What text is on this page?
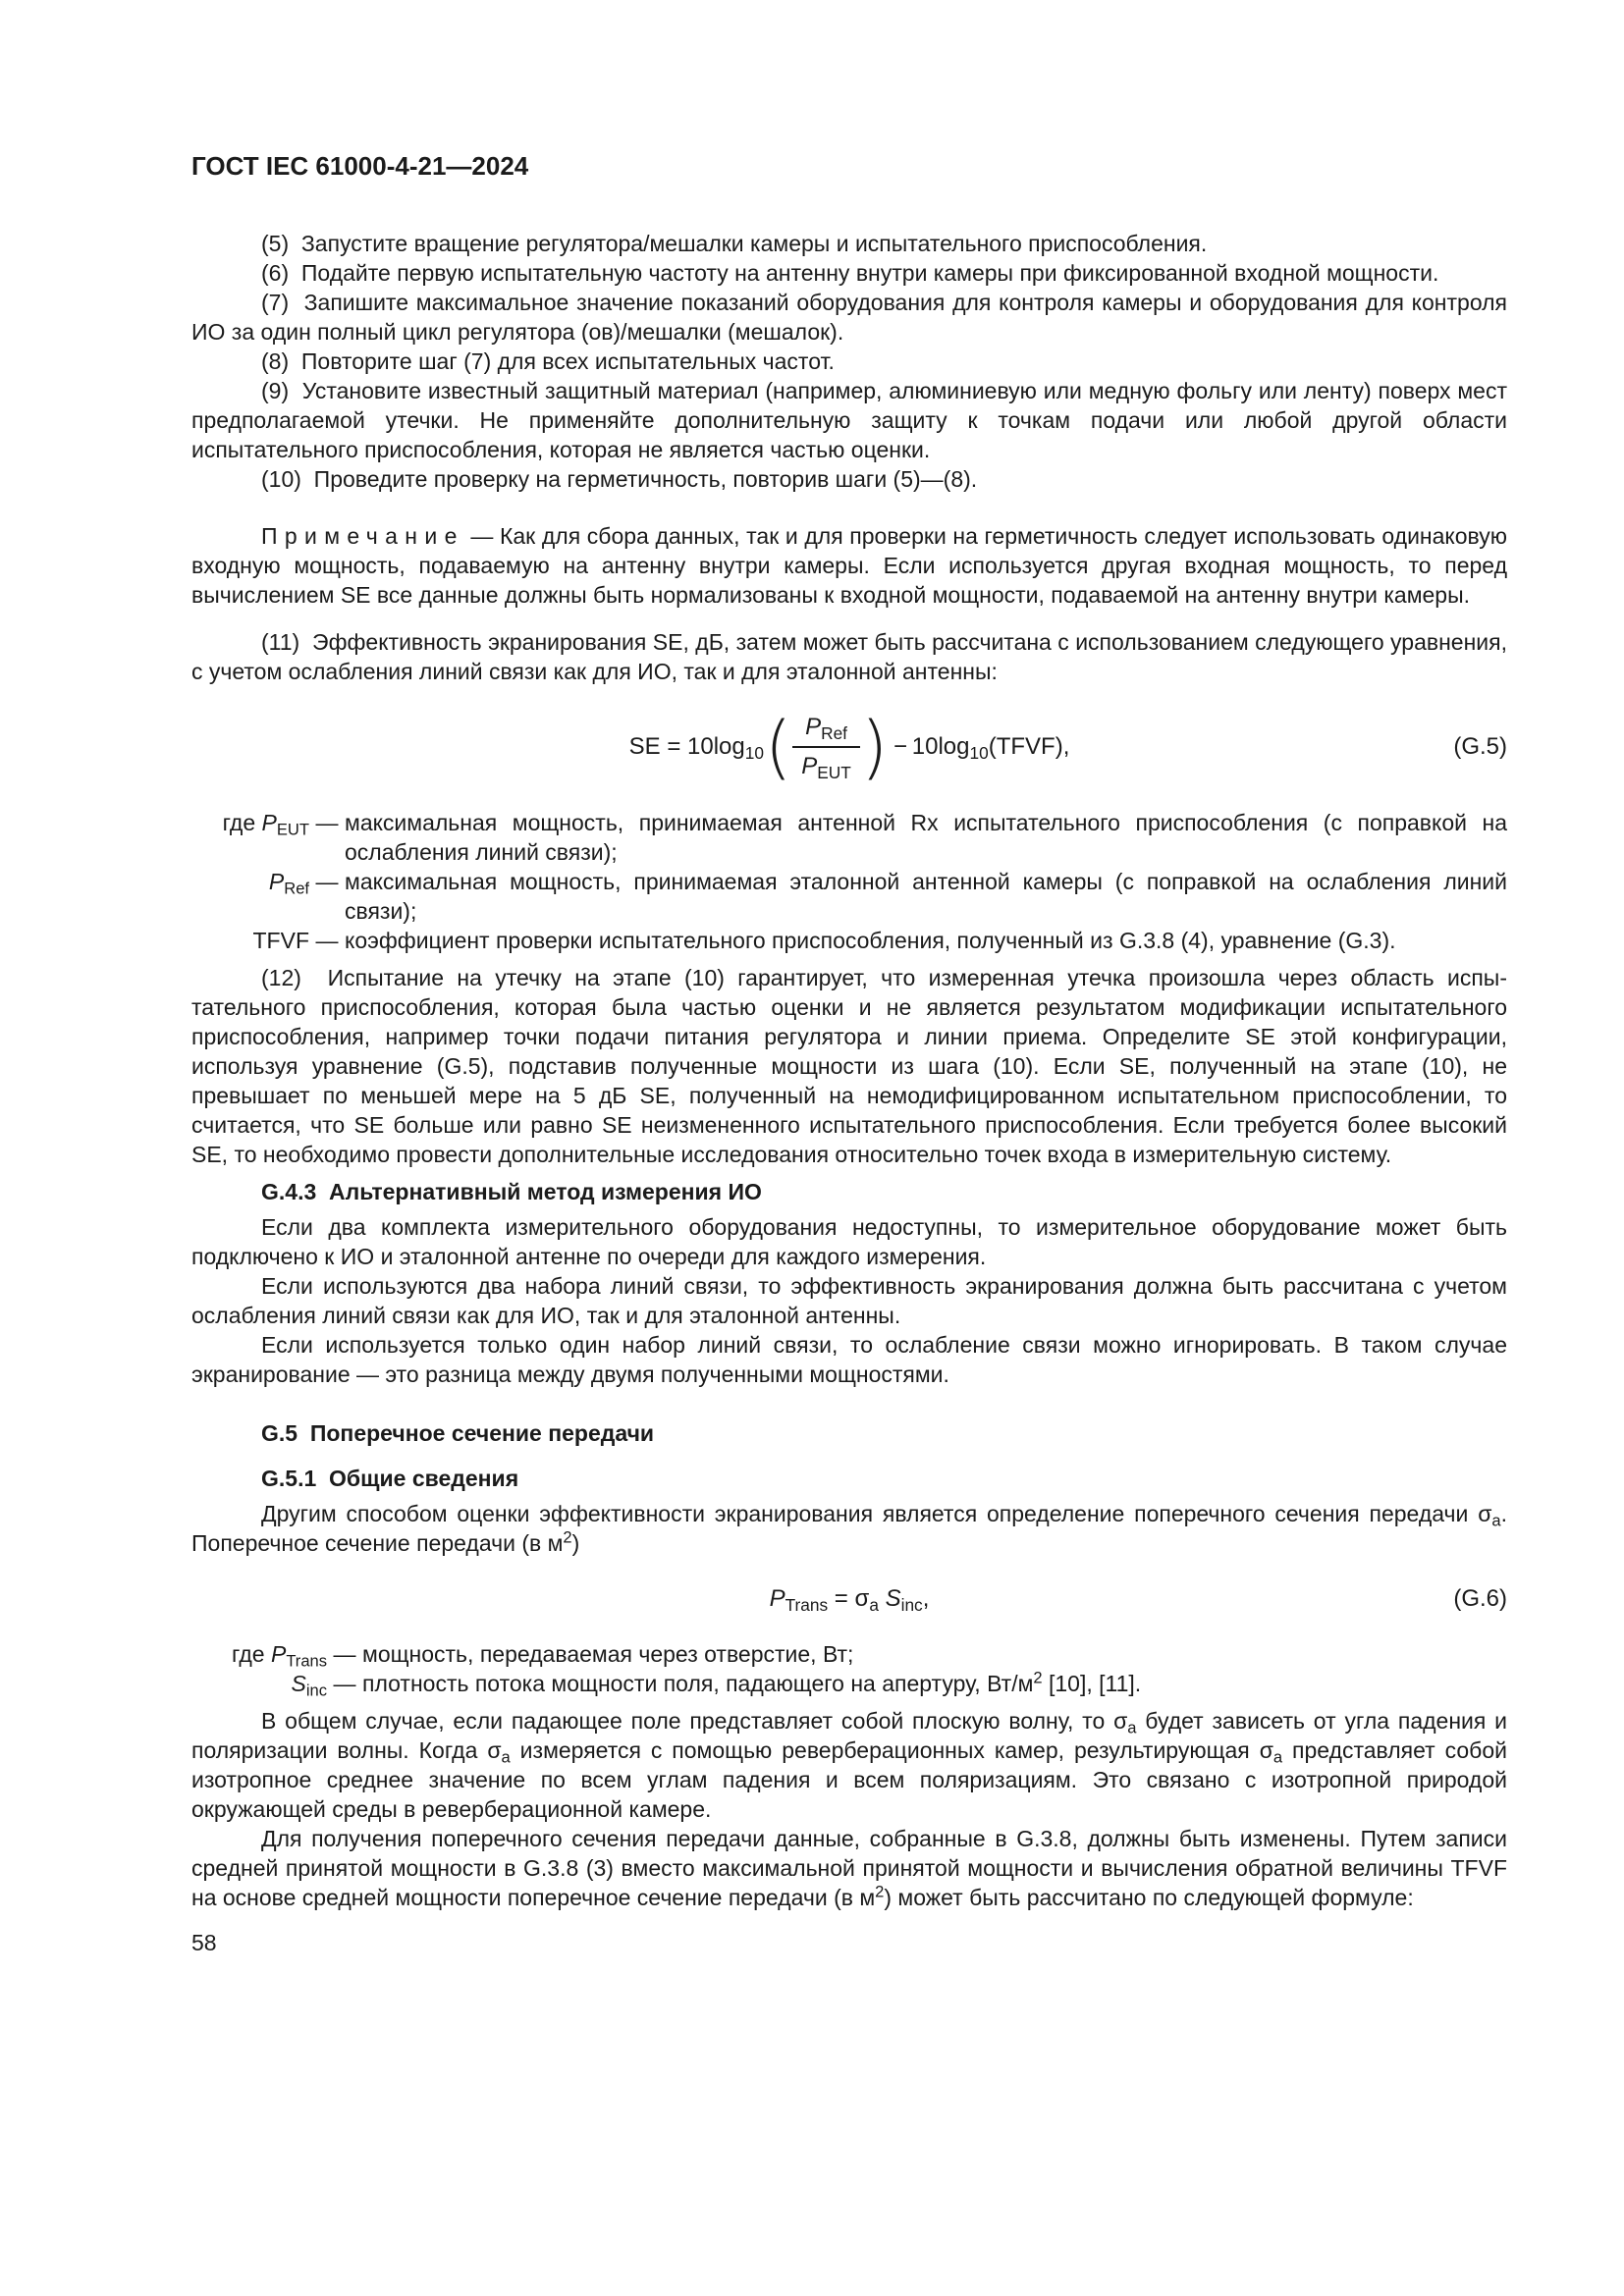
ГОСТ IEC 61000-4-21—2024

(5)  Запустите вращение регулятора/мешалки камеры и испытательного приспособления.

(6)  Подайте первую испытательную частоту на антенну внутри камеры при фиксированной входной мощности.

(7)  Запишите максимальное значение показаний оборудования для контроля камеры и оборудования для контроля ИО за один полный цикл регулятора (ов)/мешалки (мешалок).

(8)  Повторите шаг (7) для всех испытательных частот.

(9)  Установите известный защитный материал (например, алюминиевую или медную фольгу или ленту) поверх мест предполагаемой утечки. Не применяйте дополнительную защиту к точкам подачи или любой другой области испытательного приспособления, которая не является частью оценки.

(10)  Проведите проверку на герметичность, повторив шаги (5)—(8).

Примечание — Как для сбора данных, так и для проверки на герметичность следует использовать одинаковую входную мощность, подаваемую на антенну внутри камеры. Если используется другая входная мощность, то перед вычислением SE все данные должны быть нормализованы к входной мощности, подаваемой на антенну внутри камеры.

(11)  Эффективность экранирования SE, дБ, затем может быть рассчитана с использованием следующего уравнения, с учетом ослабления линий связи как для ИО, так и для эталонной антенны:

SE = $10\log_{10}$ ( $\frac{P_{Ref}}{P_{EUT}}$ )  − $10\log_{10}(TFVF)$,	(G.5)
где $P_{EUT}$ — максимальная мощность, принимаемая антенной Rx испытательного приспособления (с поправкой на ослабления линий связи);
$P_{Ref}$ — максимальная мощность, принимаемая эталонной антенной камеры (с поправкой на ослабления линий связи);
TFVF — коэффициент проверки испытательного приспособления, полученный из G.3.8 (4), уравнение (G.3).

(12)  Испытание на утечку на этапе (10) гарантирует, что измеренная утечка произошла через область испытательного приспособления, которая была частью оценки и не является результатом модификации испытательного приспособления, например точки подачи питания регулятора и линии приема. Определите SE этой конфигурации, используя уравнение (G.5), подставив полученные мощности из шага (10). Если SE, полученный на этапе (10), не превышает по меньшей мере на 5 дБ SE, полученный на немодифицированном испытательном приспособлении, то считается, что SE больше или равно SE неизмененного испытательного приспособления. Если требуется более высокий SE, то необходимо провести дополнительные исследования относительно точек входа в измерительную систему.

G.4.3  Альтернативный метод измерения ИО

Если два комплекта измерительного оборудования недоступны, то измерительное оборудование может быть подключено к ИО и эталонной антенне по очереди для каждого измерения.

Если используются два набора линий связи, то эффективность экранирования должна быть рассчитана с учетом ослабления линий связи как для ИО, так и для эталонной антенны.

Если используется только один набор линий связи, то ослабление связи можно игнорировать. В таком случае экранирование — это разница между двумя полученными мощностями.

G.5  Поперечное сечение передачи

G.5.1  Общие сведения

Другим способом оценки эффективности экранирования является определение поперечного сечения передачи $\sigma_a$. Поперечное сечение передачи (в $м^2$)

$P_{Trans} = \sigma_a$ $S_{inc}$,	(G.6)
где $P_{Trans}$ — мощность, передаваемая через отверстие, Вт;
$S_{inc}$ — плотность потока мощности поля, падающего на апертуру, $Вт/м^2$ [10], [11].

В общем случае, если падающее поле представляет собой плоскую волну, то $\sigma_a$ будет зависеть от угла падения и поляризации волны. Когда $\sigma_a$ измеряется с помощью реверберационных камер, результирующая $\sigma_a$ представляет собой изотропное среднее значение по всем углам падения и всем поляризациям. Это связано с изотропной природой окружающей среды в реверберационной камере.

Для получения поперечного сечения передачи данные, собранные в G.3.8, должны быть изменены. Путем записи средней принятой мощности в G.3.8 (3) вместо максимальной принятой мощности и вычисления обратной величины TFVF на основе средней мощности поперечное сечение передачи (в $м^2$) может быть рассчитано по следующей формуле:

58
